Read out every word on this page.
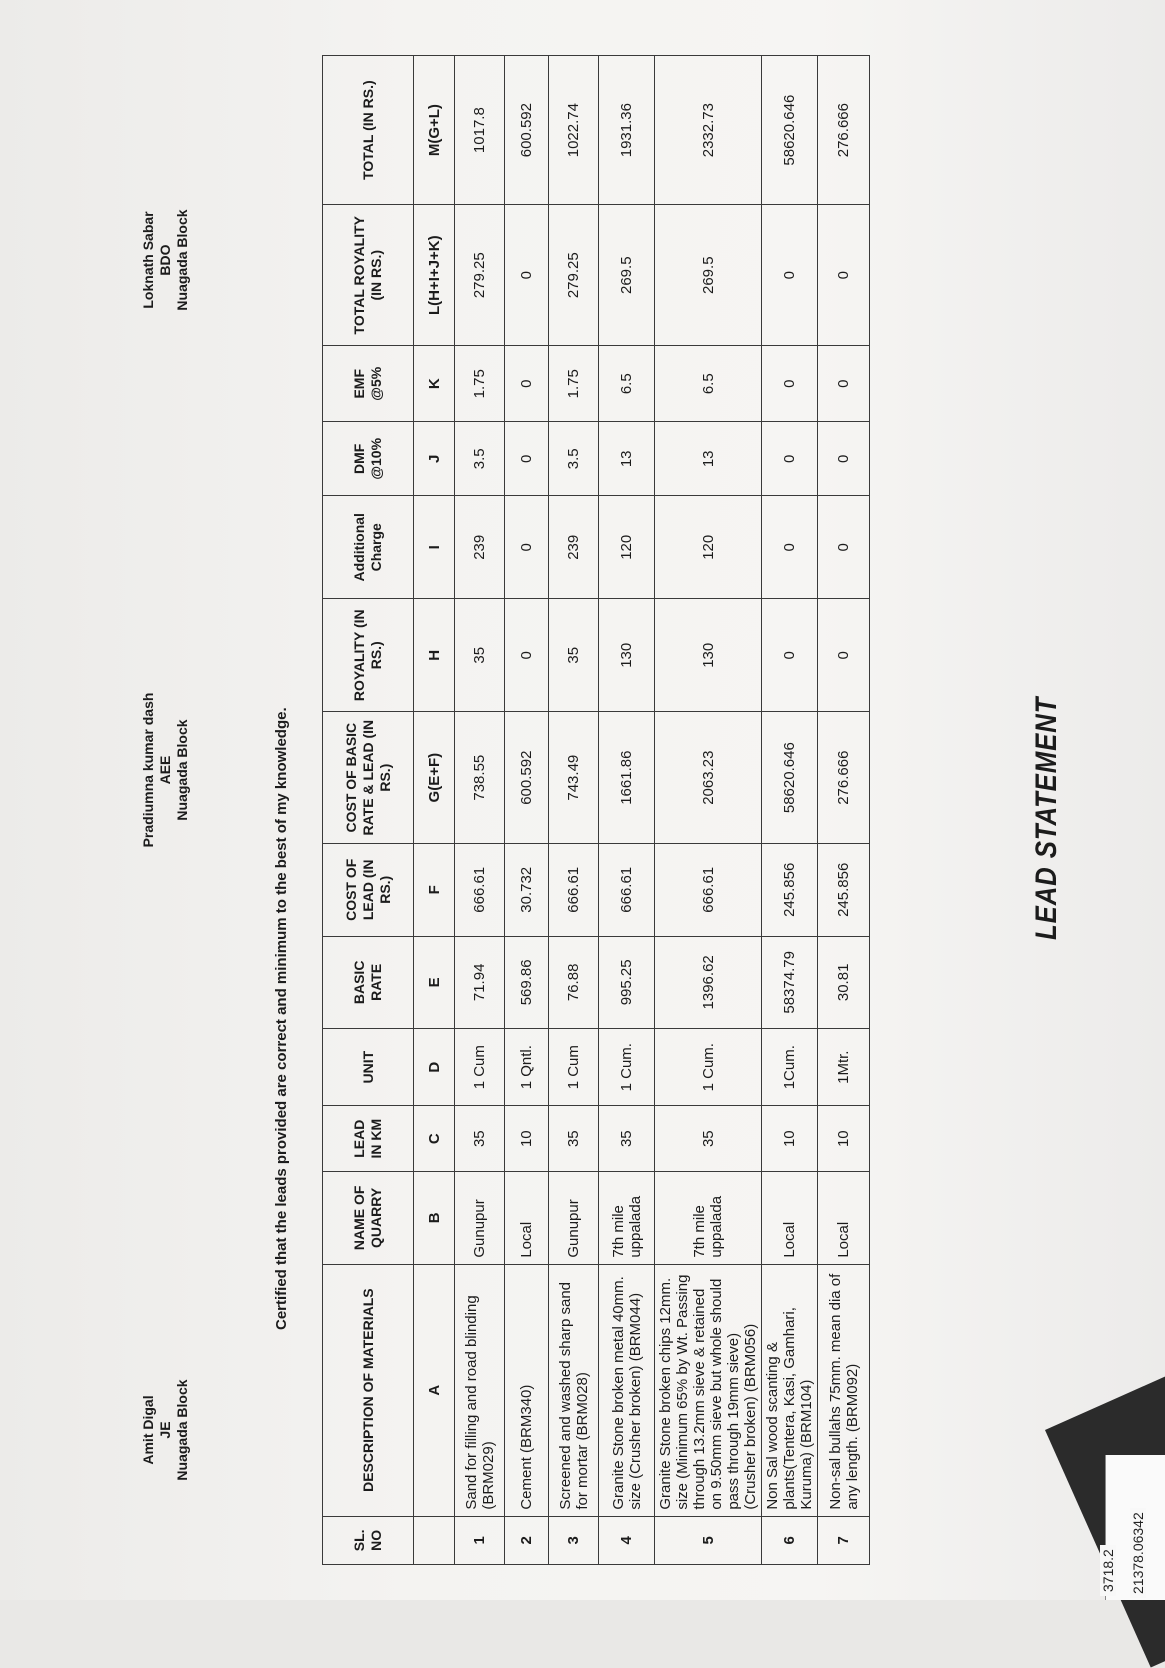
3718.2 21378.06342
LEAD STATEMENT
SL. NO	DESCRIPTION OF MATERIALS	NAME OF QUARRY	LEAD IN KM	UNIT	BASIC RATE	COST OF LEAD (IN RS.)	COST OF BASIC RATE & LEAD (IN RS.)	ROYALITY (IN RS.)	Additional Charge	DMF @10%	EMF @5%	TOTAL ROYALITY (IN RS.)	TOTAL (IN RS.)
	A	B	C	D	E	F	G(E+F)	H	I	J	K	L(H+I+J+K)	M(G+L)
1	Sand for filling and road blinding (BRM029)	Gunupur	35	1 Cum	71.94	666.61	738.55	35	239	3.5	1.75	279.25	1017.8
2	Cement (BRM340)	Local	10	1 Qntl.	569.86	30.732	600.592	0	0	0	0	0	600.592
3	Screened and washed sharp sand for mortar (BRM028)	Gunupur	35	1 Cum	76.88	666.61	743.49	35	239	3.5	1.75	279.25	1022.74
4	Granite Stone broken metal 40mm. size (Crusher broken) (BRM044)	7th mile uppalada	35	1 Cum.	995.25	666.61	1661.86	130	120	13	6.5	269.5	1931.36
5	Granite Stone broken chips 12mm. size (Minimum 65% by Wt. Passing through 13.2mm sieve & retained on 9.50mm sieve but whole should pass through 19mm sieve) (Crusher broken) (BRM056)	7th mile uppalada	35	1 Cum.	1396.62	666.61	2063.23	130	120	13	6.5	269.5	2332.73
6	Non Sal wood scanting & plants(Tentera, Kasi, Gamhari, Kuruma) (BRM104)	Local	10	1Cum.	58374.79	245.856	58620.646	0	0	0	0	0	58620.646
7	Non-sal bullahs 75mm. mean dia of any length. (BRM092)	Local	10	1Mtr.	30.81	245.856	276.666	0	0	0	0	0	276.666
Certified that the leads provided are correct and minimum to the best of my knowledge.
Amit Digal JE Nuagada Block
Pradiumna kumar dash AEE Nuagada Block
Loknath Sabar BDO Nuagada Block
